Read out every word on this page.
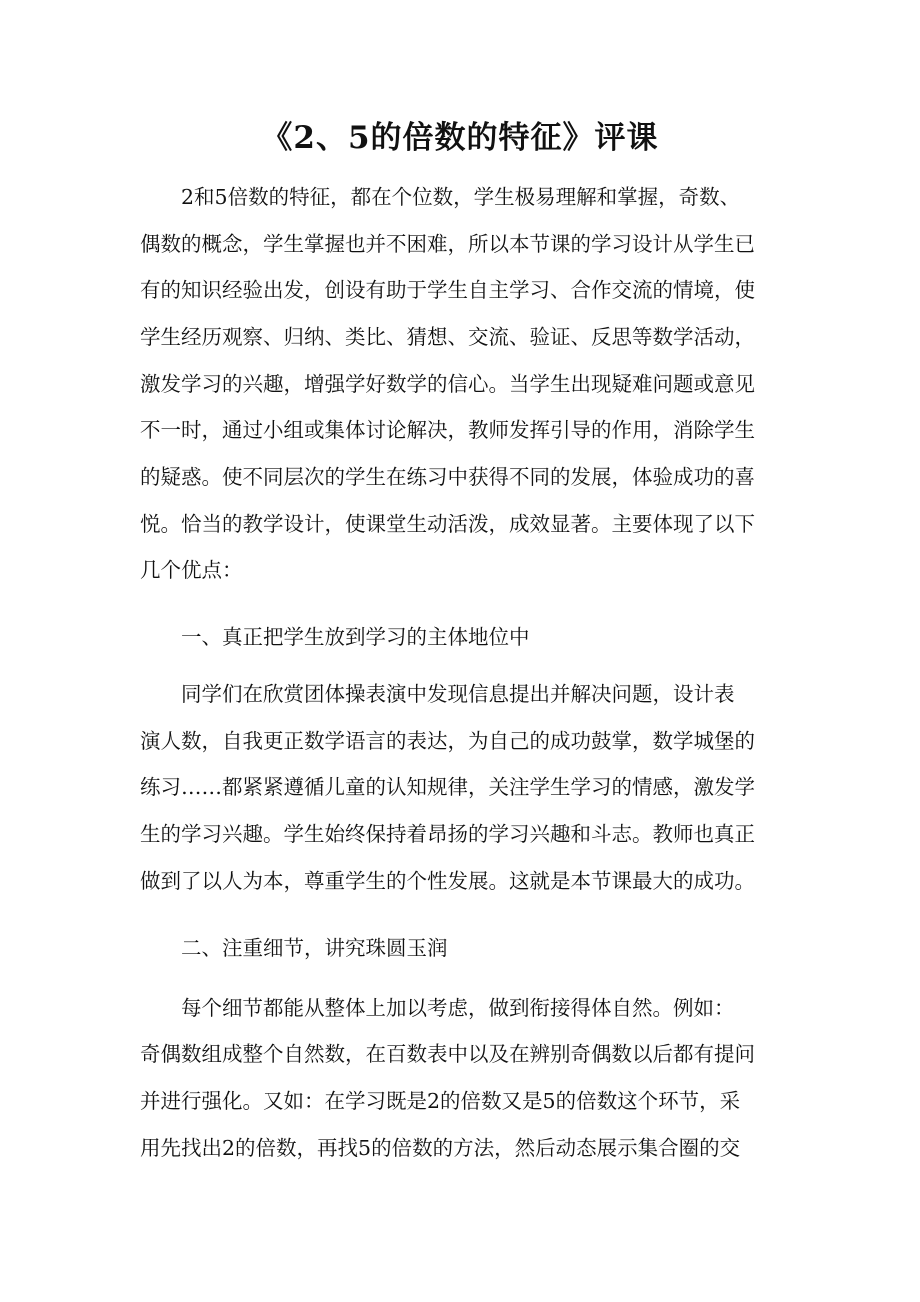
《2、5的倍数的特征》评课
　　2和5倍数的特征，都在个位数，学生极易理解和掌握，奇数、
偶数的概念，学生掌握也并不困难，所以本节课的学习设计从学生已
有的知识经验出发，创设有助于学生自主学习、合作交流的情境，使
学生经历观察、归纳、类比、猜想、交流、验证、反思等数学活动，
激发学习的兴趣，增强学好数学的信心。当学生出现疑难问题或意见
不一时，通过小组或集体讨论解决，教师发挥引导的作用，消除学生
的疑惑。使不同层次的学生在练习中获得不同的发展，体验成功的喜
悦。恰当的教学设计，使课堂生动活泼，成效显著。主要体现了以下
几个优点：
　　一、真正把学生放到学习的主体地位中
　　同学们在欣赏团体操表演中发现信息提出并解决问题，设计表
演人数，自我更正数学语言的表达，为自己的成功鼓掌，数学城堡的
练习……都紧紧遵循儿童的认知规律，关注学生学习的情感，激发学
生的学习兴趣。学生始终保持着昂扬的学习兴趣和斗志。教师也真正
做到了以人为本，尊重学生的个性发展。这就是本节课最大的成功。
　　二、注重细节，讲究珠圆玉润
　　每个细节都能从整体上加以考虑，做到衔接得体自然。例如：
奇偶数组成整个自然数，在百数表中以及在辨别奇偶数以后都有提问
并进行强化。又如：在学习既是2的倍数又是5的倍数这个环节，采
用先找出2的倍数，再找5的倍数的方法，然后动态展示集合圈的交
